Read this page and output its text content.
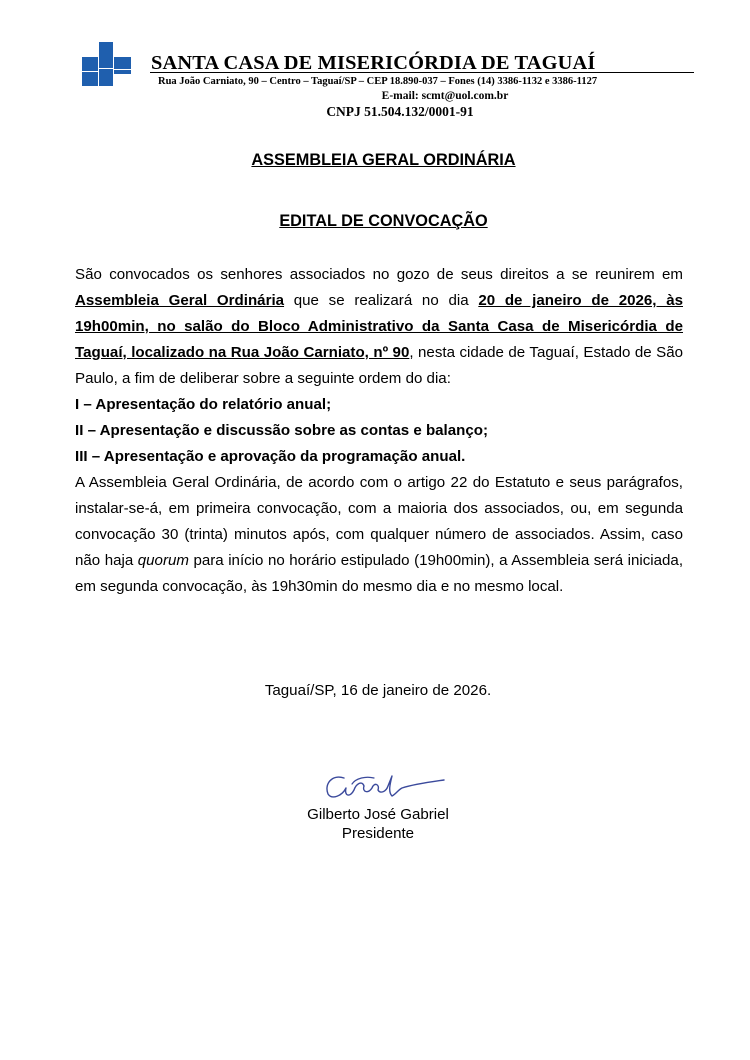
SANTA CASA DE MISERICÓRDIA DE TAGUAÍ
Rua João Carniato, 90 – Centro – Taguaí/SP – CEP 18.890-037 – Fones (14) 3386-1132 e 3386-1127
E-mail: scmt@uol.com.br
CNPJ 51.504.132/0001-91
ASSEMBLEIA GERAL ORDINÁRIA
EDITAL DE CONVOCAÇÃO

São convocados os senhores associados no gozo de seus direitos a se reunirem em Assembleia Geral Ordinária que se realizará no dia 20 de janeiro de 2026, às 19h00min, no salão do Bloco Administrativo da Santa Casa de Misericórdia de Taguaí, localizado na Rua João Carniato, nº 90, nesta cidade de Taguaí, Estado de São Paulo, a fim de deliberar sobre a seguinte ordem do dia:

I – Apresentação do relatório anual;
II – Apresentação e discussão sobre as contas e balanço;
III – Apresentação e aprovação da programação anual.

A Assembleia Geral Ordinária, de acordo com o artigo 22 do Estatuto e seus parágrafos, instalar-se-á, em primeira convocação, com a maioria dos associados, ou, em segunda convocação 30 (trinta) minutos após, com qualquer número de associados. Assim, caso não haja quorum para início no horário estipulado (19h00min), a Assembleia será iniciada, em segunda convocação, às 19h30min do mesmo dia e no mesmo local.

Taguaí/SP, 16 de janeiro de 2026.
Gilberto José Gabriel
Presidente
